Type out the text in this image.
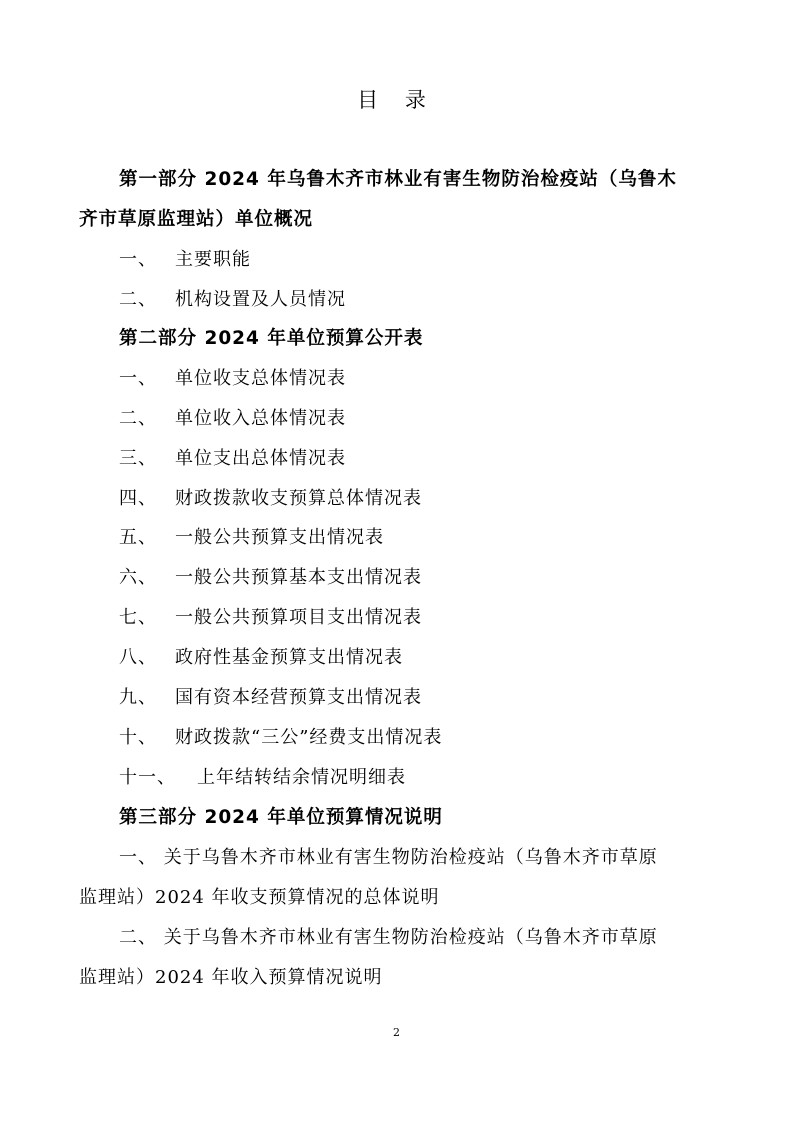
目 录
第一部分 2024 年乌鲁木齐市林业有害生物防治检疫站（乌鲁木
齐市草原监理站）单位概况
一、 主要职能
二、 机构设置及人员情况
第二部分 2024 年单位预算公开表
一、 单位收支总体情况表
二、 单位收入总体情况表
三、 单位支出总体情况表
四、 财政拨款收支预算总体情况表
五、 一般公共预算支出情况表
六、 一般公共预算基本支出情况表
七、 一般公共预算项目支出情况表
八、 政府性基金预算支出情况表
九、 国有资本经营预算支出情况表
十、 财政拨款“三公”经费支出情况表
十一、 上年结转结余情况明细表
第三部分 2024 年单位预算情况说明
一、 关于乌鲁木齐市林业有害生物防治检疫站（乌鲁木齐市草原
监理站）2024 年收支预算情况的总体说明
二、 关于乌鲁木齐市林业有害生物防治检疫站（乌鲁木齐市草原
监理站）2024 年收入预算情况说明
2
